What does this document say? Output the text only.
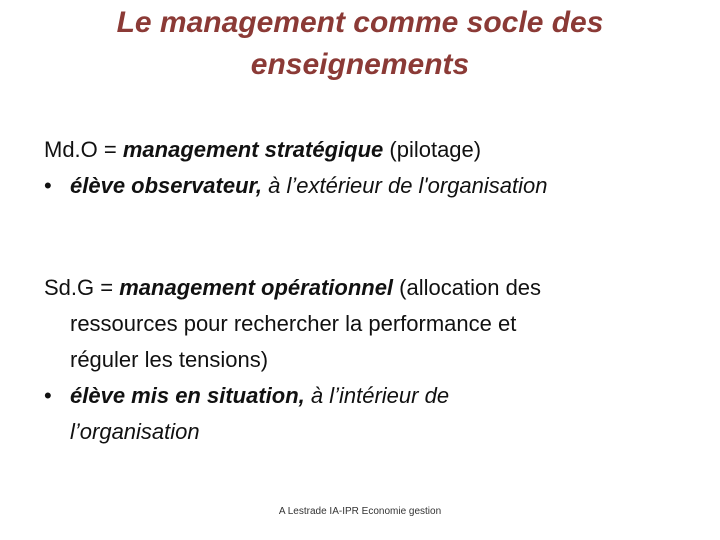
Le management comme socle des
enseignements
Md.O = management stratégique (pilotage)
• élève observateur, à l’extérieur de l'organisation
Sd.G = management opérationnel (allocation des
ressources pour rechercher la performance et
réguler les tensions)
• élève mis en situation, à l’intérieur de
l’organisation
A Lestrade IA-IPR Economie gestion
